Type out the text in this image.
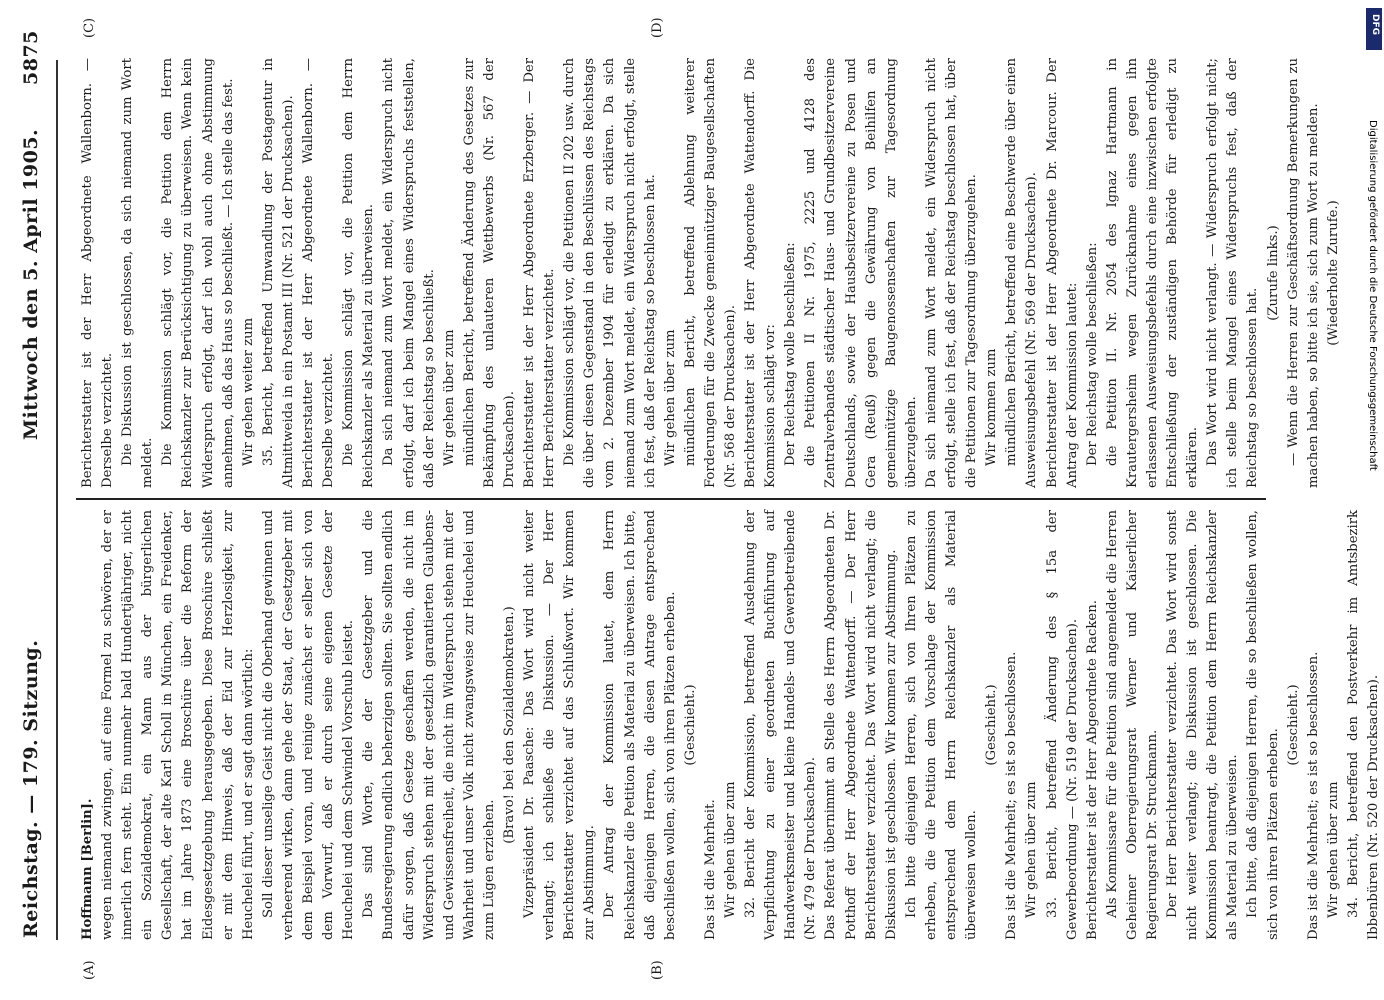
Reichstag. — 179. Sitzung.
Mittwoch den 5. April 1905.
5875
(A)	(B)
(C)	(D)

Hoffmann [Berlin]. wegen niemand zwingen, auf eine Formel zu schwören, der er innerlich fern steht. Ein nunmehr bald Hundertjähriger, nicht ein Sozialdemokrat, ein Mann aus der bürgerlichen Gesellschaft, der alte Karl Scholl in München, ein Freidenker, hat im Jahre 1873 eine Broschüre über die Reform der Eidesgesetzgebung herausgegeben. Diese Broschüre schließt er mit dem Hinweis, daß der Eid zur Herzlosigkeit, zur Heuchelei führt, und er sagt dann wörtlich: Soll dieser unselige Geist nicht die Oberhand gewinnen und verheerend wirken, dann gehe der Staat, der Gesetzgeber mit dem Beispiel voran, und reinige zunächst er selber sich von dem Vorwurf, daß er durch seine eigenen Gesetze der Heuchelei und dem Schwindel Vorschub leistet. Das sind Worte, die der Gesetzgeber und die Bundesregierung endlich beherzigen sollten. Sie sollten endlich dafür sorgen, daß Gesetze geschaffen werden, die nicht im Widerspruch stehen mit der gesetzlich garantierten Glaubens- und Gewissensfreiheit, die nicht im Widerspruch stehen mit der Wahrheit und unser Volk nicht zwangsweise zur Heuchelei und zum Lügen erziehen.

(Bravo! bei den Sozialdemokraten.) Vizepräsident Dr. Paasche: Das Wort wird nicht weiter verlangt; ich schließe die Diskussion. — Der Herr Berichterstatter verzichtet auf das Schlußwort. Wir kommen zur Abstimmung. Der Antrag der Kommission lautet, dem Herrn Reichskanzler die Petition als Material zu überweisen. Ich bitte, daß diejenigen Herren, die diesen Antrage entsprechend beschließen wollen, sich von ihren Plätzen erheben. (Geschieht.)

Das ist die Mehrheit. Wir gehen über zum 32. Bericht der Kommission, betreffend Ausdehnung der Verpflichtung zu einer geordneten Buchführung auf Handwerksmeister und kleine Handels- und Gewerbetreibende (Nr. 479 der Drucksachen). Das Referat übernimmt an Stelle des Herrn Abgeordneten Dr. Potthoff der Herr Abgeordnete Wattendorff. — Der Herr Berichterstatter verzichtet. Das Wort wird nicht verlangt; die Diskussion ist geschlossen. Wir kommen zur Abstimmung. Ich bitte diejenigen Herren, sich von Ihren Plätzen zu erheben, die die Petition dem Vorschlage der Kommission entsprechend dem Herrn Reichskanzler als Material überweisen wollen.

(Geschieht.) Das ist die Mehrheit; es ist so beschlossen. Wir gehen über zum 33. Bericht, betreffend Änderung des § 15a der Gewerbeordnung — (Nr. 519 der Drucksachen). Berichterstatter ist der Herr Abgeordnete Racken. Als Kommissare für die Petition sind angemeldet die Herren Geheimer Oberregierungsrat Werner und Kaiserlicher Regierungsrat Dr. Struckmann. Der Herr Berichterstatter verzichtet. Das Wort wird sonst nicht weiter verlangt; die Diskussion ist geschlossen. Die Kommission beantragt, die Petition dem Herrn Reichskanzler als Material zu überweisen. Ich bitte, daß diejenigen Herren, die so beschließen wollen, sich von ihren Plätzen erheben.

(Geschieht.) Das ist die Mehrheit; es ist so beschlossen. Wir gehen über zum 34. Bericht, betreffend den Postverkehr im Amtsbezirk Ibbenbüren (Nr. 520 der Drucksachen).

Berichterstatter ist der Herr Abgeordnete Wallenborn. — Derselbe verzichtet. Die Diskussion ist geschlossen, da sich niemand zum Wort meldet. Die Kommission schlägt vor, die Petition dem Herrn Reichskanzler zur Berücksichtigung zu überweisen. Wenn kein Widerspruch erfolgt, darf ich wohl auch ohne Abstimmung annehmen, daß das Haus so beschließt. — Ich stelle das fest. Wir gehen weiter zum 35. Bericht, betreffend Umwandlung der Postagentur in Altmittweida in ein Postamt III (Nr. 521 der Drucksachen). Berichterstatter ist der Herr Abgeordnete Wallenborn. — Derselbe verzichtet. Die Kommission schlägt vor, die Petition dem Herrn Reichskanzler als Material zu überweisen. Da sich niemand zum Wort meldet, ein Widerspruch nicht erfolgt, darf ich beim Mangel eines Widerspruchs feststellen, daß der Reichstag so beschließt. Wir gehen über zum mündlichen Bericht, betreffend Änderung des Gesetzes zur Bekämpfung des unlauteren Wettbewerbs (Nr. 567 der Drucksachen). Berichterstatter ist der Herr Abgeordnete Erzberger. — Der Herr Berichterstatter verzichtet. Die Kommission schlägt vor, die Petitionen II 202 usw. durch die über diesen Gegenstand in den Beschlüssen des Reichstags vom 2. Dezember 1904 für erledigt zu erklären. Da sich niemand zum Wort meldet, ein Widerspruch nicht erfolgt, stelle ich fest, daß der Reichstag so beschlossen hat. Wir gehen über zum mündlichen Bericht, betreffend Ablehnung weiterer Forderungen für die Zwecke gemeinnütziger Baugesellschaften (Nr. 568 der Drucksachen). Berichterstatter ist der Herr Abgeordnete Wattendorff. Die Kommission schlägt vor: Der Reichstag wolle beschließen: die Petitionen II Nr. 1975, 2225 und 4128 des Zentralverbandes städtischer Haus- und Grundbesitzervereine Deutschlands, sowie der Hausbesitzervereine zu Posen und Gera (Reuß) gegen die Gewährung von Beihilfen an gemeinnützige Baugenossenschaften zur Tagesordnung überzugehen. Da sich niemand zum Wort meldet, ein Widerspruch nicht erfolgt, stelle ich fest, daß der Reichstag beschlossen hat, über die Petitionen zur Tagesordnung überzugehen. Wir kommen zum mündlichen Bericht, betreffend eine Beschwerde über einen Ausweisungsbefehl (Nr. 569 der Drucksachen). Berichterstatter ist der Herr Abgeordnete Dr. Marcour. Der Antrag der Kommission lautet: Der Reichstag wolle beschließen: die Petition II. Nr. 2054 des Ignaz Hartmann in Krautergersheim wegen Zurücknahme eines gegen ihn erlassenen Ausweisungsbefehls durch eine inzwischen erfolgte Entschließung der zuständigen Behörde für erledigt zu erklären. Das Wort wird nicht verlangt. — Widerspruch erfolgt nicht; ich stelle beim Mangel eines Widerspruchs fest, daß der Reichstag so beschlossen hat.

(Zurufe links.) — Wenn die Herren zur Geschäftsordnung Bemerkungen zu machen haben, so bitte ich sie, sich zum Wort zu melden. (Wiederholte Zurufe.)

DFG
Digitalisierung gefördert durch die Deutsche Forschungsgemeinschaft
